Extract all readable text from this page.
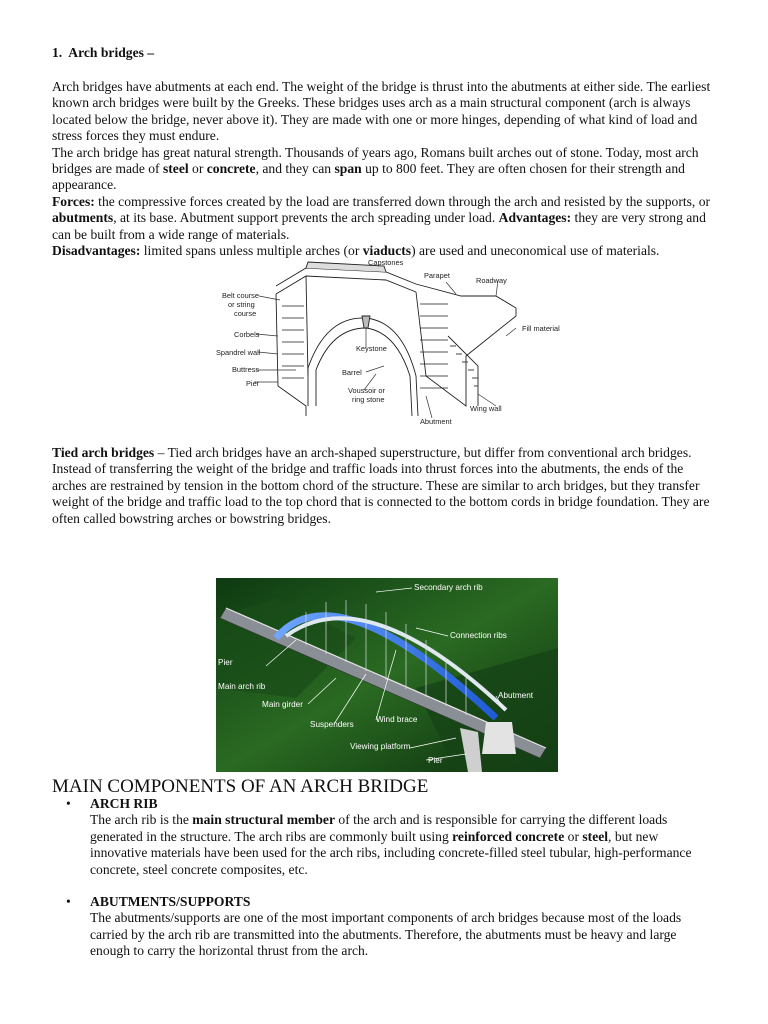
1. Arch bridges –

Arch bridges have abutments at each end. The weight of the bridge is thrust into the abutments at either side. The earliest known arch bridges were built by the Greeks. These bridges uses arch as a main structural component (arch is always located below the bridge, never above it). They are made with one or more hinges, depending of what kind of load and stress forces they must endure.

The arch bridge has great natural strength. Thousands of years ago, Romans built arches out of stone. Today, most arch bridges are made of steel or concrete, and they can span up to 800 feet. They are often chosen for their strength and appearance.

Forces: the compressive forces created by the load are transferred down through the arch and resisted by the supports, or abutments, at its base. Abutment support prevents the arch spreading under load. Advantages: they are very strong and can be built from a wide range of materials.

Disadvantages: limited spans unless multiple arches (or viaducts) are used and uneconomical use of materials.

Tied arch bridges – Tied arch bridges have an arch-shaped superstructure, but differ from conventional arch bridges. Instead of transferring the weight of the bridge and traffic loads into thrust forces into the abutments, the ends of the arches are restrained by tension in the bottom chord of the structure. These are similar to arch bridges, but they transfer weight of the bridge and traffic load to the top chord that is connected to the bottom cords in bridge foundation. They are often called bowstring arches or bowstring bridges.

Capstones
Parapet
Roadway
Belt course
or string
course
Corbels
Spandrel wall
Buttress
Pier
Keystone
Barrel
Voussoir or
ring stone
Fill material
Abutment
Wing wall
Secondary arch rib
Connection ribs
Pier
Main arch rib
Abutment
Main girder
Wind brace
Suspenders
Viewing platform
Pier
MAIN COMPONENTS OF AN ARCH BRIDGE
• ARCH RIB

The arch rib is the main structural member of the arch and is responsible for carrying the different loads generated in the structure. The arch ribs are commonly built using reinforced concrete or steel, but new innovative materials have been used for the arch ribs, including concrete-filled steel tubular, high-performance concrete, steel concrete composites, etc.

• ABUTMENTS/SUPPORTS

The abutments/supports are one of the most important components of arch bridges because most of the loads carried by the arch rib are transmitted into the abutments. Therefore, the abutments must be heavy and large enough to carry the horizontal thrust from the arch.
